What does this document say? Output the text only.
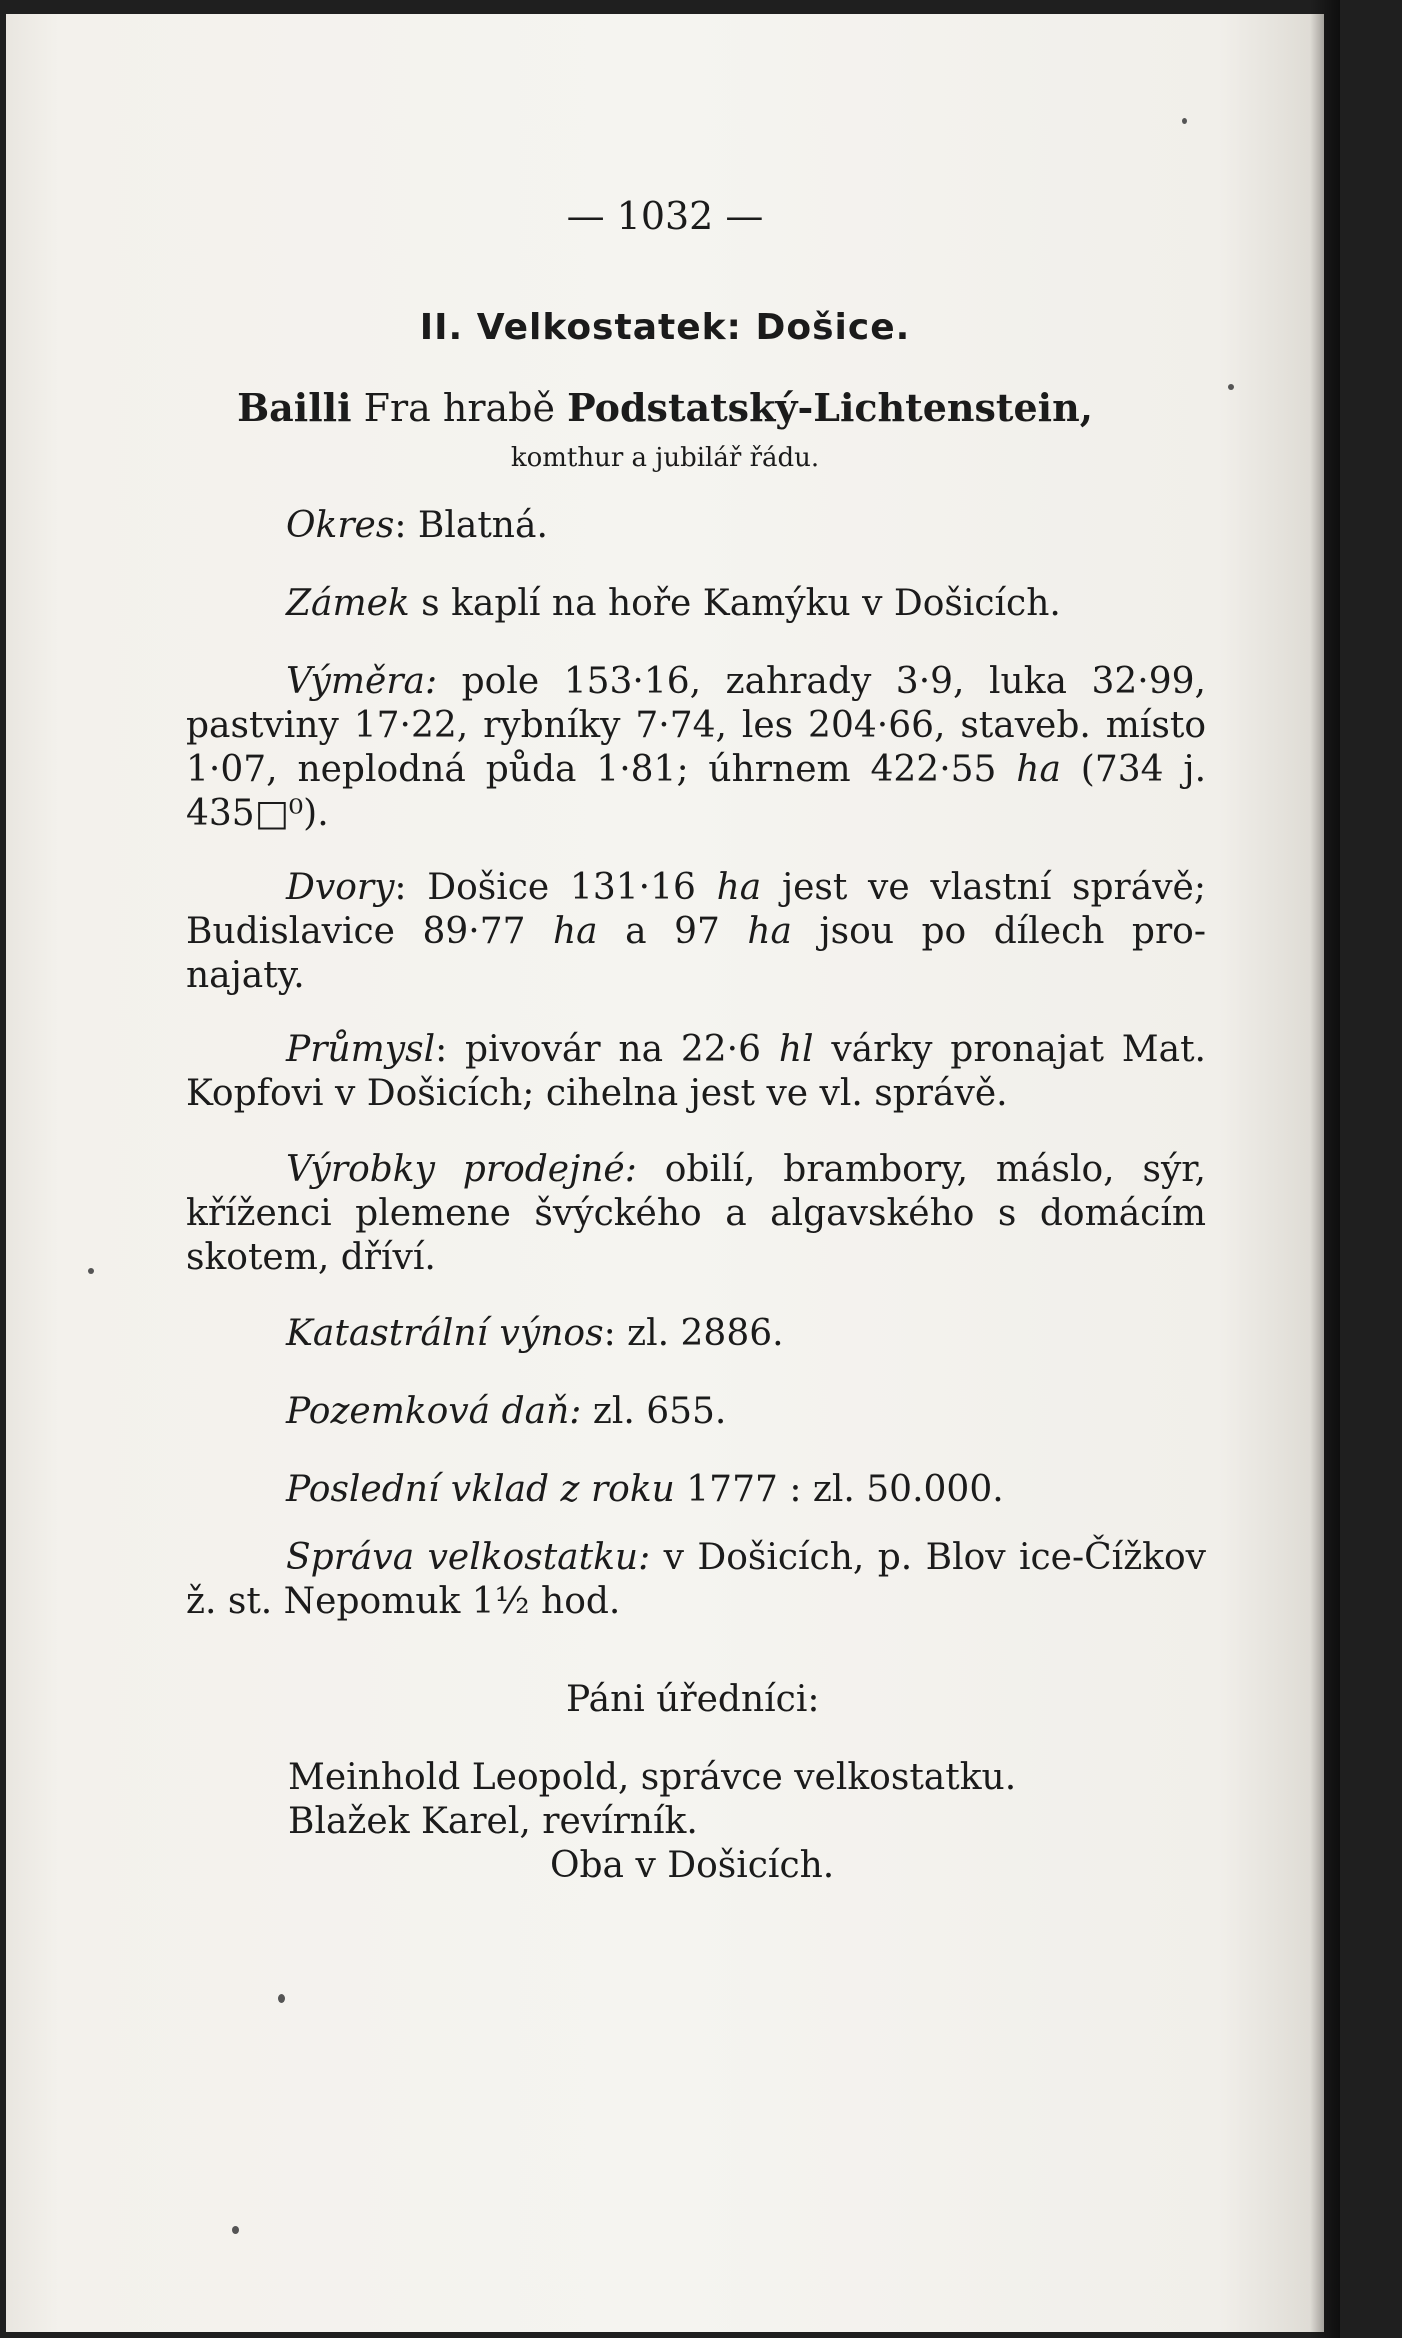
— 1032 —
II. Velkostatek: Došice.
Bailli Fra hrabě Podstatský-Lichtenstein,
komthur a jubilář řádu.
Okres: Blatná.
Zámek s kaplí na hoře Kamýku v Došicích.
Výměra: pole 153·16, zahrady 3·9, luka 32·99,
pastviny 17·22, rybníky 7·74, les 204·66, staveb. místo
1·07, neplodná půda 1·81; úhrnem 422·55 ha (734 j.
435□⁰).
Dvory: Došice 131·16 ha jest ve vlastní správě;
Budislavice 89·77 ha a 97 ha jsou po dílech pro-
najaty.
Průmysl: pivovár na 22·6 hl várky pronajat Mat.
Kopfovi v Došicích; cihelna jest ve vl. správě.
Výrobky prodejné: obilí, brambory, máslo, sýr,
kříženci plemene švýckého a algavského s domácím
skotem, dříví.
Katastrální výnos: zl. 2886.
Pozemková daň: zl. 655.
Poslední vklad z roku 1777 : zl. 50.000.
Správa velkostatku: v Došicích, p. Blov ice-Čížkov
ž. st. Nepomuk 1½ hod.
Páni úředníci:
Meinhold Leopold, správce velkostatku.
Blažek Karel, revírník.
Oba v Došicích.
